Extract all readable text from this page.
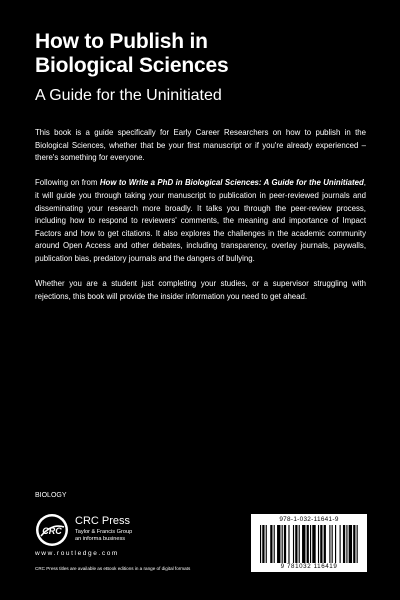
How to Publish in
Biological Sciences
A Guide for the Uninitiated

This book is a guide specifically for Early Career Researchers on how to publish in the Biological Sciences, whether that be your first manuscript or if you're already experienced – there's something for everyone.

Following on from How to Write a PhD in Biological Sciences: A Guide for the Uninitiated, it will guide you through taking your manuscript to publication in peer-reviewed journals and disseminating your research more broadly. It talks you through the peer-review process, including how to respond to reviewers' comments, the meaning and importance of Impact Factors and how to get citations. It also explores the challenges in the academic community around Open Access and other debates, including transparency, overlay journals, paywalls, publication bias, predatory journals and the dangers of bullying.

Whether you are a student just completing your studies, or a supervisor struggling with rejections, this book will provide the insider information you need to get ahead.

BIOLOGY
CRC
CRC Press
Taylor & Francis Group
an informa business
www.routledge.com
CRC Press titles are available as eBook editions in a range of digital formats
978-1-032-11641-9
9 781032 116419
